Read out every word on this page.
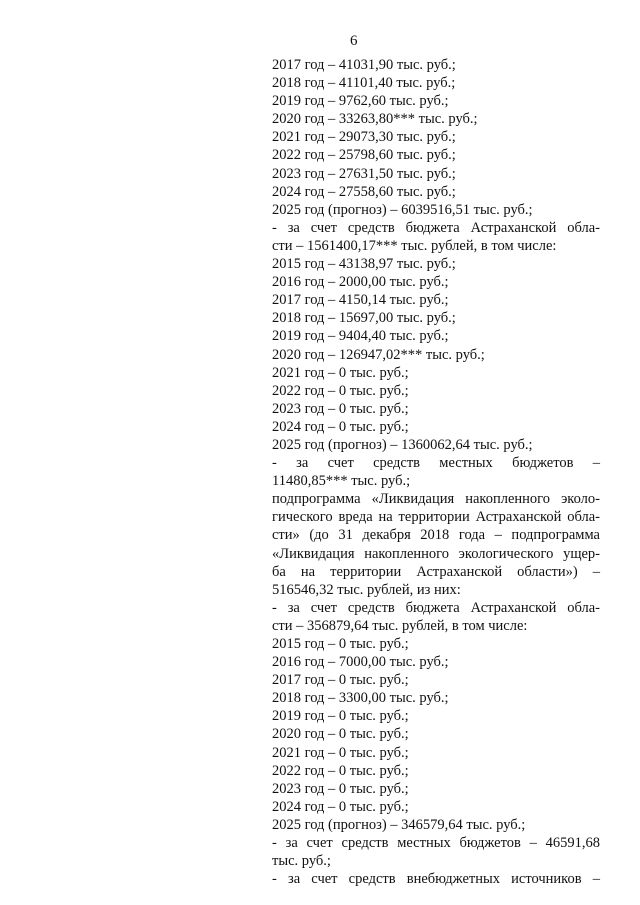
6
2017 год – 41031,90 тыс. руб.;
2018 год – 41101,40 тыс. руб.;
2019 год – 9762,60 тыс. руб.;
2020 год – 33263,80*** тыс. руб.;
2021 год – 29073,30 тыс. руб.;
2022 год – 25798,60 тыс. руб.;
2023 год – 27631,50 тыс. руб.;
2024 год – 27558,60 тыс. руб.;
2025 год (прогноз) – 6039516,51 тыс. руб.;
- за счет средств бюджета Астраханской обла-
сти – 1561400,17*** тыс. рублей, в том числе:
2015 год – 43138,97 тыс. руб.;
2016 год – 2000,00 тыс. руб.;
2017 год – 4150,14 тыс. руб.;
2018 год – 15697,00 тыс. руб.;
2019 год – 9404,40 тыс. руб.;
2020 год – 126947,02*** тыс. руб.;
2021 год – 0 тыс. руб.;
2022 год – 0 тыс. руб.;
2023 год – 0 тыс. руб.;
2024 год – 0 тыс. руб.;
2025 год (прогноз) – 1360062,64 тыс. руб.;
- за счет средств местных бюджетов –
11480,85*** тыс. руб.;
подпрограмма «Ликвидация накопленного эколо-
гического вреда на территории Астраханской обла-
сти» (до 31 декабря 2018 года – подпрограмма
«Ликвидация накопленного экологического ущер-
ба на территории Астраханской области») –
516546,32 тыс. рублей, из них:
- за счет средств бюджета Астраханской обла-
сти – 356879,64 тыс. рублей, в том числе:
2015 год – 0 тыс. руб.;
2016 год – 7000,00 тыс. руб.;
2017 год – 0 тыс. руб.;
2018 год – 3300,00 тыс. руб.;
2019 год – 0 тыс. руб.;
2020 год – 0 тыс. руб.;
2021 год – 0 тыс. руб.;
2022 год – 0 тыс. руб.;
2023 год – 0 тыс. руб.;
2024 год – 0 тыс. руб.;
2025 год (прогноз) – 346579,64 тыс. руб.;
- за счет средств местных бюджетов – 46591,68
тыс. руб.;
- за счет средств внебюджетных источников –
